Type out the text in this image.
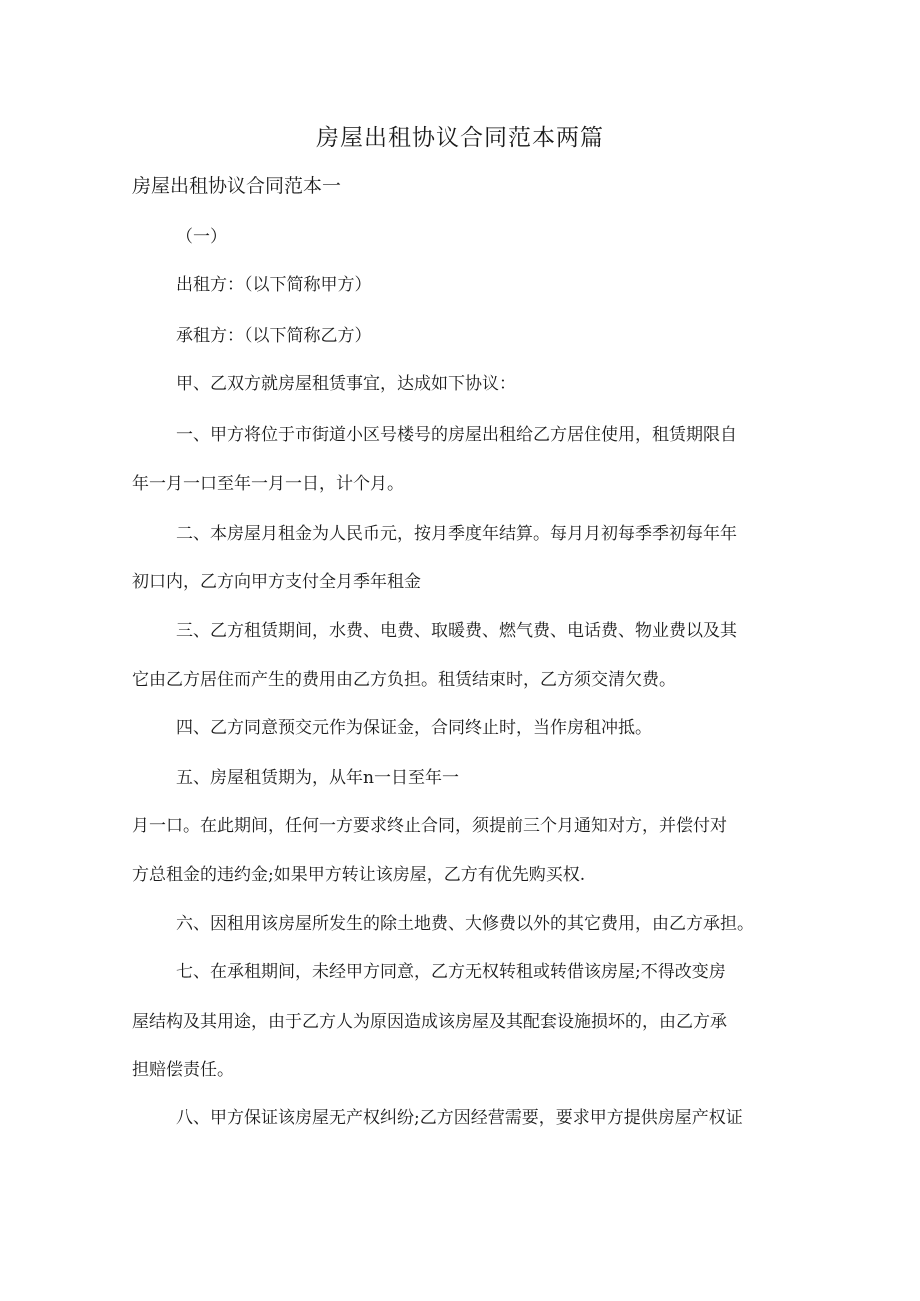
房屋出租协议合同范本两篇
房屋出租协议合同范本一

（一）

出租方：（以下简称甲方）

承租方：（以下简称乙方）

甲、乙双方就房屋租赁事宜，达成如下协议：

一、甲方将位于市街道小区号楼号的房屋出租给乙方居住使用，租赁期限自

年一月一口至年一月一日，计个月。

二、本房屋月租金为人民币元，按月季度年结算。每月月初每季季初每年年

初口内，乙方向甲方支付全月季年租金

三、乙方租赁期间，水费、电费、取暖费、燃气费、电话费、物业费以及其

它由乙方居住而产生的费用由乙方负担。租赁结束时，乙方须交清欠费。

四、乙方同意预交元作为保证金，合同终止时，当作房租冲抵。

五、房屋租赁期为，从年n一日至年一

月一口。在此期间，任何一方要求终止合同，须提前三个月通知对方，并偿付对

方总租金的违约金;如果甲方转让该房屋，乙方有优先购买权.

六、因租用该房屋所发生的除土地费、大修费以外的其它费用，由乙方承担。

七、在承租期间，未经甲方同意，乙方无权转租或转借该房屋;不得改变房

屋结构及其用途，由于乙方人为原因造成该房屋及其配套设施损坏的，由乙方承

担赔偿责任。

八、甲方保证该房屋无产权纠纷;乙方因经营需要，要求甲方提供房屋产权证
